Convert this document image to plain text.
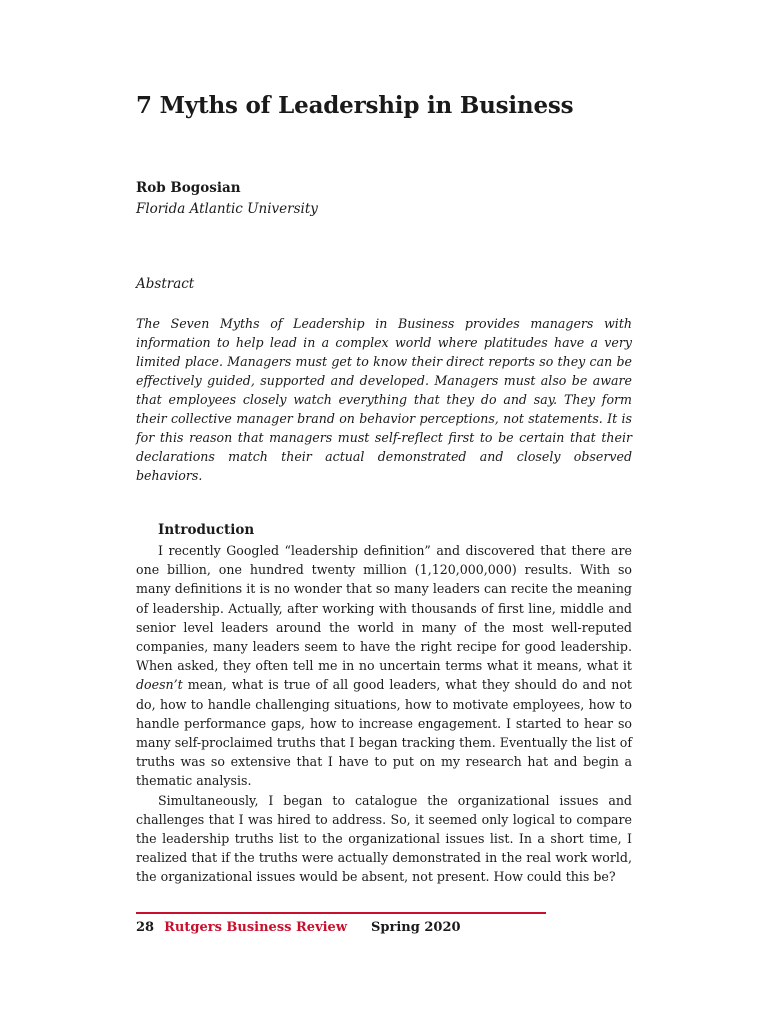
7 Myths of Leadership in Business
Rob Bogosian
Florida Atlantic University
Abstract

The Seven Myths of Leadership in Business provides managers with information to help lead in a complex world where platitudes have a very limited place. Managers must get to know their direct reports so they can be effectively guided, supported and developed. Managers must also be aware that employees closely watch everything that they do and say. They form their collective manager brand on behavior perceptions, not statements. It is for this reason that managers must self-reflect first to be certain that their declarations match their actual demonstrated and closely observed behaviors.

Introduction

I recently Googled “leadership definition” and discovered that there are one billion, one hundred twenty million (1,120,000,000) results. With so many definitions it is no wonder that so many leaders can recite the meaning of leadership. Actually, after working with thousands of first line, middle and senior level leaders around the world in many of the most well-reputed companies, many leaders seem to have the right recipe for good leadership. When asked, they often tell me in no uncertain terms what it means, what it doesn’t mean, what is true of all good leaders, what they should do and not do, how to handle challenging situations, how to motivate employees, how to handle performance gaps, how to increase engagement. I started to hear so many self-proclaimed truths that I began tracking them. Eventually the list of truths was so extensive that I have to put on my research hat and begin a thematic analysis.

Simultaneously, I began to catalogue the organizational issues and challenges that I was hired to address. So, it seemed only logical to compare the leadership truths list to the organizational issues list. In a short time, I realized that if the truths were actually demonstrated in the real work world, the organizational issues would be absent, not present. How could this be?

28 Rutgers Business Review Spring 2020
